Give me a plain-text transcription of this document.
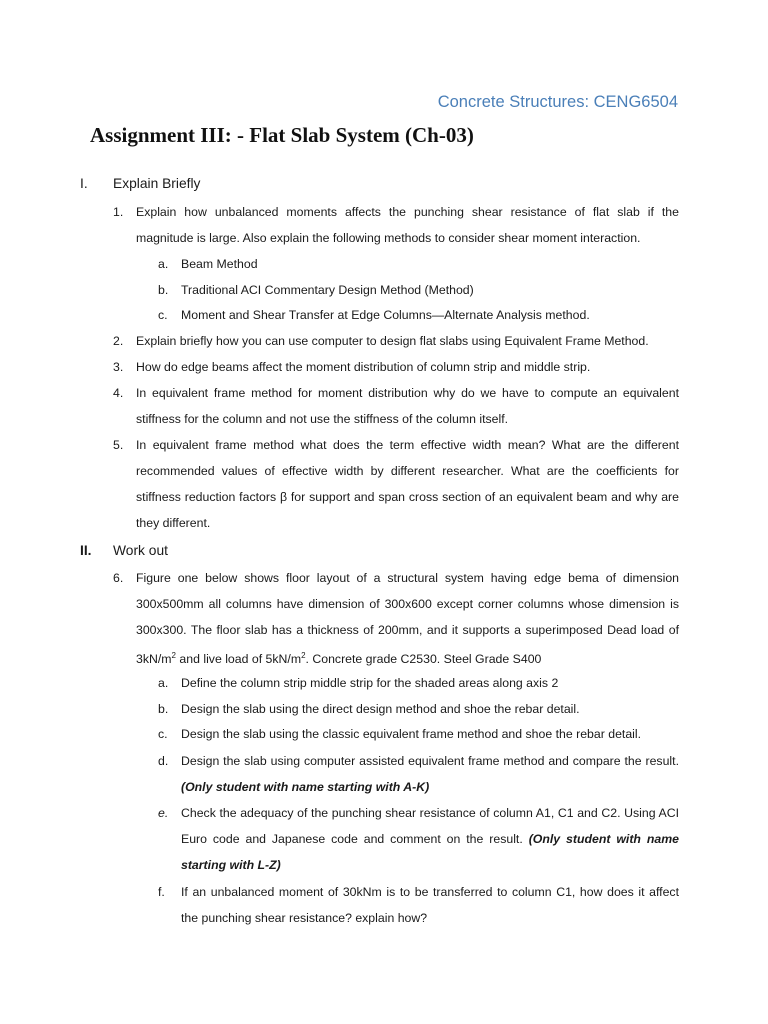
Concrete Structures: CENG6504
Assignment III: - Flat Slab System (Ch-03)
I. Explain Briefly
1. Explain how unbalanced moments affects the punching shear resistance of flat slab if the magnitude is large. Also explain the following methods to consider shear moment interaction.
a. Beam Method
b. Traditional ACI Commentary Design Method (Method)
c. Moment and Shear Transfer at Edge Columns—Alternate Analysis method.
2. Explain briefly how you can use computer to design flat slabs using Equivalent Frame Method.
3. How do edge beams affect the moment distribution of column strip and middle strip.
4. In equivalent frame method for moment distribution why do we have to compute an equivalent stiffness for the column and not use the stiffness of the column itself.
5. In equivalent frame method what does the term effective width mean? What are the different recommended values of effective width by different researcher. What are the coefficients for stiffness reduction factors β for support and span cross section of an equivalent beam and why are they different.
II. Work out
6. Figure one below shows floor layout of a structural system having edge bema of dimension 300x500mm all columns have dimension of 300x600 except corner columns whose dimension is 300x300. The floor slab has a thickness of 200mm, and it supports a superimposed Dead load of $3kN/m^2$ and live load of $5kN/m^2$. Concrete grade C2530. Steel Grade S400
a. Define the column strip middle strip for the shaded areas along axis 2
b. Design the slab using the direct design method and shoe the rebar detail.
c. Design the slab using the classic equivalent frame method and shoe the rebar detail.
d. Design the slab using computer assisted equivalent frame method and compare the result. (Only student with name starting with A-K)
e. Check the adequacy of the punching shear resistance of column A1, C1 and C2. Using ACI Euro code and Japanese code and comment on the result. (Only student with name starting with L-Z)
f. If an unbalanced moment of 30kNm is to be transferred to column C1, how does it affect the punching shear resistance? explain how?
